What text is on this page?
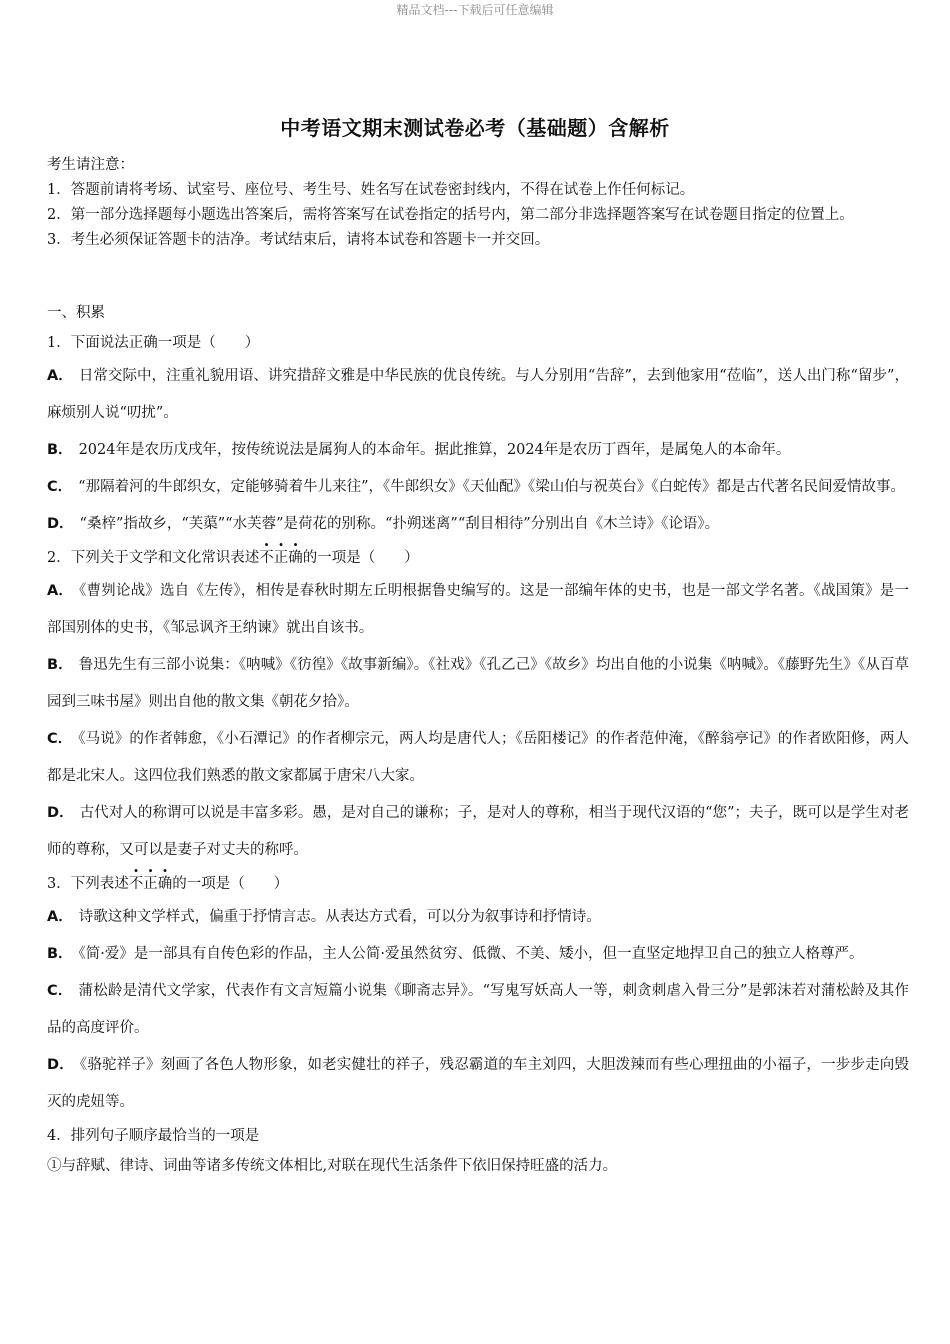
精品文档---下载后可任意编辑
中考语文期末测试卷必考（基础题）含解析

考生请注意：

1．答题前请将考场、试室号、座位号、考生号、姓名写在试卷密封线内，不得在试卷上作任何标记。

2．第一部分选择题每小题选出答案后，需将答案写在试卷指定的括号内，第二部分非选择题答案写在试卷题目指定的位置上。

3．考生必须保证答题卡的洁净。考试结束后，请将本试卷和答题卡一并交回。

一、积累

1．下面说法正确一项是（　　）

A． 日常交际中，注重礼貌用语、讲究措辞文雅是中华民族的优良传统。与人分别用“告辞”，去到他家用“莅临”，送人出门称“留步”，麻烦别人说“叨扰”。

B． 2024年是农历戊戌年，按传统说法是属狗人的本命年。据此推算，2024年是农历丁酉年，是属兔人的本命年。

C． “那隔着河的牛郎织女，定能够骑着牛儿来往”，《牛郎织女》《天仙配》《梁山伯与祝英台》《白蛇传》都是古代著名民间爱情故事。

D． “桑梓”指故乡，“芙蕖”“水芙蓉”是荷花的别称。“扑朔迷离”“刮目相待”分别出自《木兰诗》《论语》。

2．下列关于文学和文化常识表述不正确的一项是（　　）

A． 《曹刿论战》选自《左传》，相传是春秋时期左丘明根据鲁史编写的。这是一部编年体的史书，也是一部文学名著。《战国策》是一部国别体的史书，《邹忌讽齐王纳谏》就出自该书。

B． 鲁迅先生有三部小说集：《呐喊》《彷徨》《故事新编》。《社戏》《孔乙己》《故乡》均出自他的小说集《呐喊》。《藤野先生》《从百草园到三味书屋》则出自他的散文集《朝花夕拾》。

C． 《马说》的作者韩愈，《小石潭记》的作者柳宗元，两人均是唐代人；《岳阳楼记》的作者范仲淹，《醉翁亭记》的作者欧阳修，两人都是北宋人。这四位我们熟悉的散文家都属于唐宋八大家。

D． 古代对人的称谓可以说是丰富多彩。愚，是对自己的谦称；子，是对人的尊称，相当于现代汉语的“您”；夫子，既可以是学生对老师的尊称，又可以是妻子对丈夫的称呼。

3．下列表述不正确的一项是（　　）

A． 诗歌这种文学样式，偏重于抒情言志。从表达方式看，可以分为叙事诗和抒情诗。

B． 《简·爱》是一部具有自传色彩的作品，主人公简·爱虽然贫穷、低微、不美、矮小，但一直坚定地捍卫自己的独立人格尊严。

C． 蒲松龄是清代文学家，代表作有文言短篇小说集《聊斋志异》。“写鬼写妖高人一等，刺贪刺虐入骨三分”是郭沫若对蒲松龄及其作品的高度评价。

D． 《骆驼祥子》刻画了各色人物形象，如老实健壮的祥子，残忍霸道的车主刘四，大胆泼辣而有些心理扭曲的小福子，一步步走向毁灭的虎妞等。

4．排列句子顺序最恰当的一项是

①与辞赋、律诗、词曲等诸多传统文体相比,对联在现代生活条件下依旧保持旺盛的活力。
